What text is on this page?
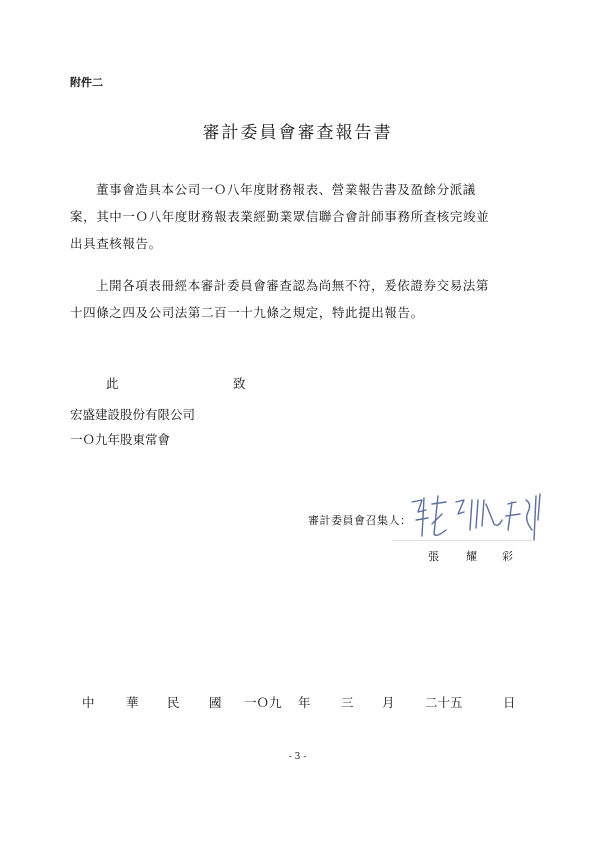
附件二
審計委員會審查報告書
董事會造具本公司一Ｏ八年度財務報表、營業報告書及盈餘分派議
案，其中一Ｏ八年度財務報表業經勤業眾信聯合會計師事務所查核完竣並
出具查核報告。
上開各項表冊經本審計委員會審查認為尚無不符，爰依證券交易法第
十四條之四及公司法第二百一十九條之規定，特此提出報告。
此	致
宏盛建設股份有限公司
一Ｏ九年股東常會
審計委員會召集人：
張 耀 彩
中	華 民 國 一Ｏ九 年 三 月 二十五	日
- 3 -
